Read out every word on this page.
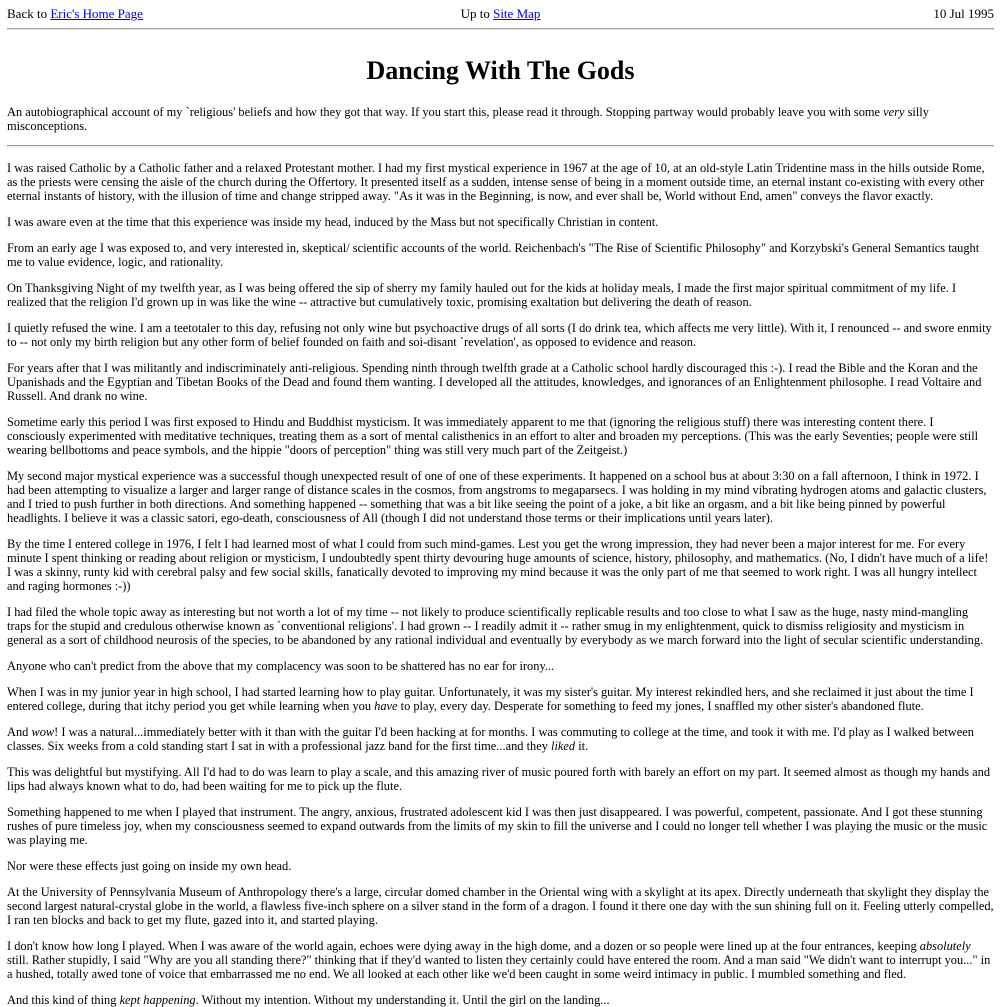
Back to Eric's Home Page	Up to Site Map	10 Jul 1995
Dancing With The Gods

An autobiographical account of my `religious' beliefs and how they got that way. If you start this, please read it through. Stopping partway would probably leave you with some very silly misconceptions.

I was raised Catholic by a Catholic father and a relaxed Protestant mother. I had my first mystical experience in 1967 at the age of 10, at an old-style Latin Tridentine mass in the hills outside Rome, as the priests were censing the aisle of the church during the Offertory. It presented itself as a sudden, intense sense of being in a moment outside time, an eternal instant co-existing with every other eternal instants of history, with the illusion of time and change stripped away. "As it was in the Beginning, is now, and ever shall be, World without End, amen" conveys the flavor exactly.

I was aware even at the time that this experience was inside my head, induced by the Mass but not specifically Christian in content.

From an early age I was exposed to, and very interested in, skeptical/ scientific accounts of the world. Reichenbach's "The Rise of Scientific Philosophy" and Korzybski's General Semantics taught me to value evidence, logic, and rationality.

On Thanksgiving Night of my twelfth year, as I was being offered the sip of sherry my family hauled out for the kids at holiday meals, I made the first major spiritual commitment of my life. I realized that the religion I'd grown up in was like the wine -- attractive but cumulatively toxic, promising exaltation but delivering the death of reason.

I quietly refused the wine. I am a teetotaler to this day, refusing not only wine but psychoactive drugs of all sorts (I do drink tea, which affects me very little). With it, I renounced -- and swore enmity to -- not only my birth religion but any other form of belief founded on faith and soi-disant `revelation', as opposed to evidence and reason.

For years after that I was militantly and indiscriminately anti-religious. Spending ninth through twelfth grade at a Catholic school hardly discouraged this :-). I read the Bible and the Koran and the Upanishads and the Egyptian and Tibetan Books of the Dead and found them wanting. I developed all the attitudes, knowledges, and ignorances of an Enlightenment philosophe. I read Voltaire and Russell. And drank no wine.

Sometime early this period I was first exposed to Hindu and Buddhist mysticism. It was immediately apparent to me that (ignoring the religious stuff) there was interesting content there. I consciously experimented with meditative techniques, treating them as a sort of mental calisthenics in an effort to alter and broaden my perceptions. (This was the early Seventies; people were still wearing bellbottoms and peace symbols, and the hippie "doors of perception" thing was still very much part of the Zeitgeist.)

My second major mystical experience was a successful though unexpected result of one of one of these experiments. It happened on a school bus at about 3:30 on a fall afternoon, I think in 1972. I had been attempting to visualize a larger and larger range of distance scales in the cosmos, from angstroms to megaparsecs. I was holding in my mind vibrating hydrogen atoms and galactic clusters, and I tried to push further in both directions. And something happened -- something that was a bit like seeing the point of a joke, a bit like an orgasm, and a bit like being pinned by powerful headlights. I believe it was a classic satori, ego-death, consciousness of All (though I did not understand those terms or their implications until years later).

By the time I entered college in 1976, I felt I had learned most of what I could from such mind-games. Lest you get the wrong impression, they had never been a major interest for me. For every minute I spent thinking or reading about religion or mysticism, I undoubtedly spent thirty devouring huge amounts of science, history, philosophy, and mathematics. (No, I didn't have much of a life! I was a skinny, runty kid with cerebral palsy and few social skills, fanatically devoted to improving my mind because it was the only part of me that seemed to work right. I was all hungry intellect and raging hormones :-))

I had filed the whole topic away as interesting but not worth a lot of my time -- not likely to produce scientifically replicable results and too close to what I saw as the huge, nasty mind-mangling traps for the stupid and credulous otherwise known as `conventional religions'. I had grown -- I readily admit it -- rather smug in my enlightenment, quick to dismiss religiosity and mysticism in general as a sort of childhood neurosis of the species, to be abandoned by any rational individual and eventually by everybody as we march forward into the light of secular scientific understanding.

Anyone who can't predict from the above that my complacency was soon to be shattered has no ear for irony...

When I was in my junior year in high school, I had started learning how to play guitar. Unfortunately, it was my sister's guitar. My interest rekindled hers, and she reclaimed it just about the time I entered college, during that itchy period you get while learning when you have to play, every day. Desperate for something to feed my jones, I snaffled my other sister's abandoned flute.

And wow! I was a natural...immediately better with it than with the guitar I'd been hacking at for months. I was commuting to college at the time, and took it with me. I'd play as I walked between classes. Six weeks from a cold standing start I sat in with a professional jazz band for the first time...and they liked it.

This was delightful but mystifying. All I'd had to do was learn to play a scale, and this amazing river of music poured forth with barely an effort on my part. It seemed almost as though my hands and lips had always known what to do, had been waiting for me to pick up the flute.

Something happened to me when I played that instrument. The angry, anxious, frustrated adolescent kid I was then just disappeared. I was powerful, competent, passionate. And I got these stunning rushes of pure timeless joy, when my consciousness seemed to expand outwards from the limits of my skin to fill the universe and I could no longer tell whether I was playing the music or the music was playing me.

Nor were these effects just going on inside my own head.

At the University of Pennsylvania Museum of Anthropology there's a large, circular domed chamber in the Oriental wing with a skylight at its apex. Directly underneath that skylight they display the second largest natural-crystal globe in the world, a flawless five-inch sphere on a silver stand in the form of a dragon. I found it there one day with the sun shining full on it. Feeling utterly compelled, I ran ten blocks and back to get my flute, gazed into it, and started playing.

I don't know how long I played. When I was aware of the world again, echoes were dying away in the high dome, and a dozen or so people were lined up at the four entrances, keeping absolutely still. Rather stupidly, I said "Why are you all standing there?" thinking that if they'd wanted to listen they certainly could have entered the room. And a man said "We didn't want to interrupt you..." in a hushed, totally awed tone of voice that embarrassed me no end. We all looked at each other like we'd been caught in some weird intimacy in public. I mumbled something and fled.

And this kind of thing kept happening. Without my intention. Without my understanding it. Until the girl on the landing...
